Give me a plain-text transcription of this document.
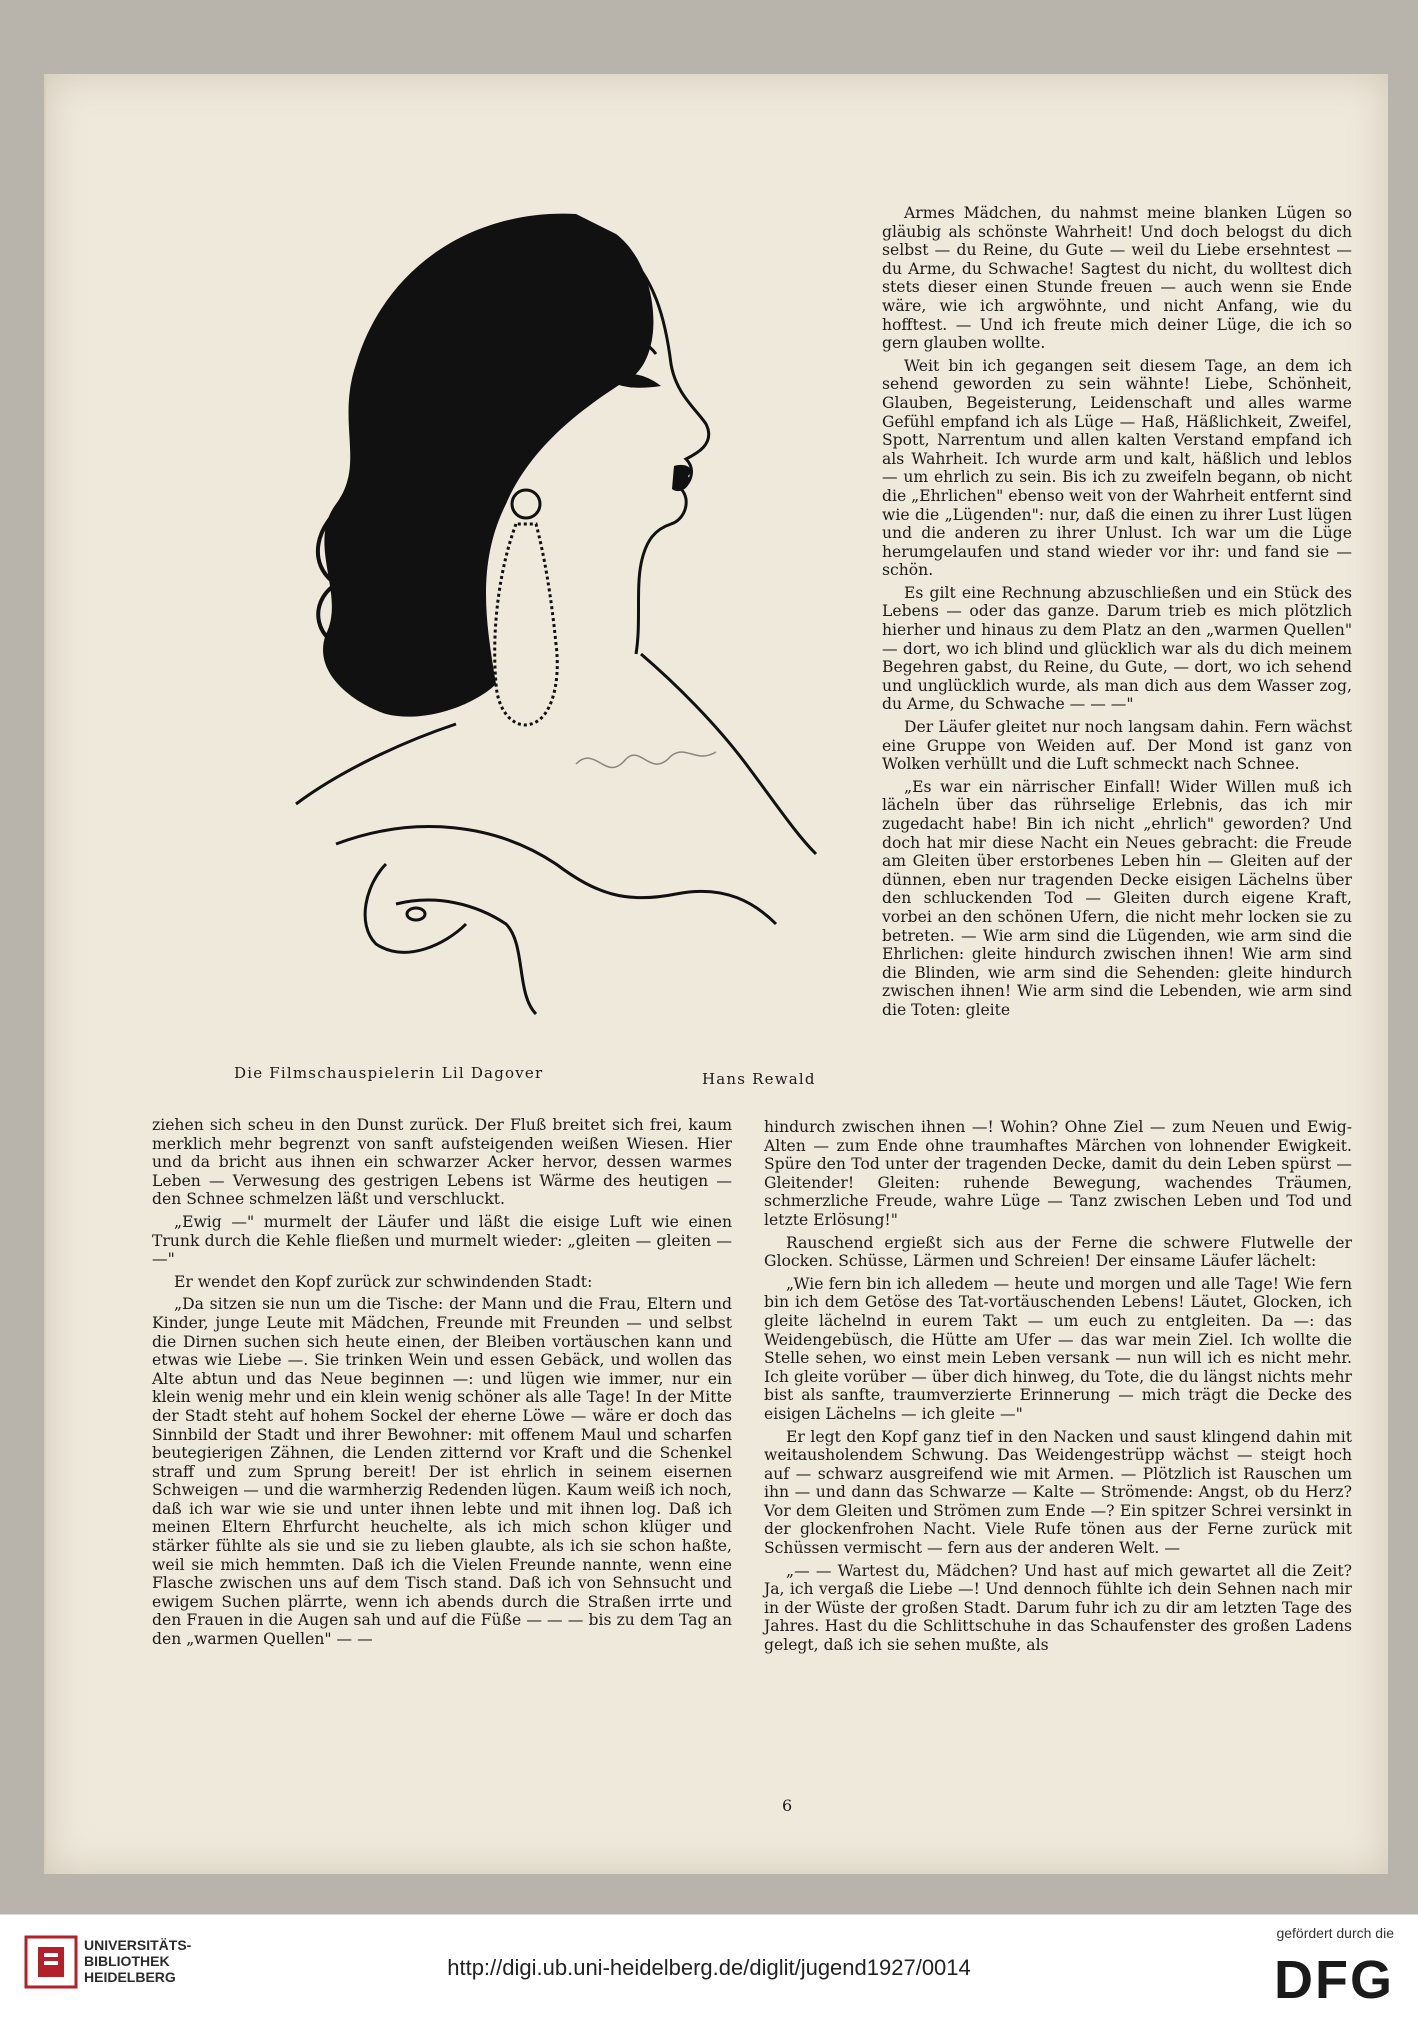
Die Filmschauspielerin Lil Dagover	Hans Rewald

Armes Mädchen, du nahmst meine blanken Lügen so gläubig als schönste Wahrheit! Und doch belogst du dich selbst — du Reine, du Gute — weil du Liebe ersehntest — du Arme, du Schwache! Sagtest du nicht, du wolltest dich stets dieser einen Stunde freuen — auch wenn sie Ende wäre, wie ich argwöhnte, und nicht Anfang, wie du hofftest. — Und ich freute mich deiner Lüge, die ich so gern glauben wollte.

Weit bin ich gegangen seit diesem Tage, an dem ich sehend geworden zu sein wähnte! Liebe, Schönheit, Glauben, Begeisterung, Leidenschaft und alles warme Gefühl empfand ich als Lüge — Haß, Häßlichkeit, Zweifel, Spott, Narrentum und allen kalten Verstand empfand ich als Wahrheit. Ich wurde arm und kalt, häßlich und leblos — um ehrlich zu sein. Bis ich zu zweifeln begann, ob nicht die „Ehrlichen" ebenso weit von der Wahrheit entfernt sind wie die „Lügenden": nur, daß die einen zu ihrer Lust lügen und die anderen zu ihrer Unlust. Ich war um die Lüge herumgelaufen und stand wieder vor ihr: und fand sie — schön.

Es gilt eine Rechnung abzuschließen und ein Stück des Lebens — oder das ganze. Darum trieb es mich plötzlich hierher und hinaus zu dem Platz an den „warmen Quellen" — dort, wo ich blind und glücklich war als du dich meinem Begehren gabst, du Reine, du Gute, — dort, wo ich sehend und unglücklich wurde, als man dich aus dem Wasser zog, du Arme, du Schwache — — —"

Der Läufer gleitet nur noch langsam dahin. Fern wächst eine Gruppe von Weiden auf. Der Mond ist ganz von Wolken verhüllt und die Luft schmeckt nach Schnee.

„Es war ein närrischer Einfall! Wider Willen muß ich lächeln über das rührselige Erlebnis, das ich mir zugedacht habe! Bin ich nicht „ehrlich" geworden? Und doch hat mir diese Nacht ein Neues gebracht: die Freude am Gleiten über erstorbenes Leben hin — Gleiten auf der dünnen, eben nur tragenden Decke eisigen Lächelns über den schluckenden Tod — Gleiten durch eigene Kraft, vorbei an den schönen Ufern, die nicht mehr locken sie zu betreten. — Wie arm sind die Lügenden, wie arm sind die Ehrlichen: gleite hindurch zwischen ihnen! Wie arm sind die Blinden, wie arm sind die Sehenden: gleite hindurch zwischen ihnen! Wie arm sind die Lebenden, wie arm sind die Toten: gleite

ziehen sich scheu in den Dunst zurück. Der Fluß breitet sich frei, kaum merklich mehr begrenzt von sanft aufsteigenden weißen Wiesen. Hier und da bricht aus ihnen ein schwarzer Acker hervor, dessen warmes Leben — Verwesung des gestrigen Lebens ist Wärme des heutigen — den Schnee schmelzen läßt und verschluckt.

„Ewig —" murmelt der Läufer und läßt die eisige Luft wie einen Trunk durch die Kehle fließen und murmelt wieder: „gleiten — gleiten — —"

Er wendet den Kopf zurück zur schwindenden Stadt:

„Da sitzen sie nun um die Tische: der Mann und die Frau, Eltern und Kinder, junge Leute mit Mädchen, Freunde mit Freunden — und selbst die Dirnen suchen sich heute einen, der Bleiben vortäuschen kann und etwas wie Liebe —. Sie trinken Wein und essen Gebäck, und wollen das Alte abtun und das Neue beginnen —: und lügen wie immer, nur ein klein wenig mehr und ein klein wenig schöner als alle Tage! In der Mitte der Stadt steht auf hohem Sockel der eherne Löwe — wäre er doch das Sinnbild der Stadt und ihrer Bewohner: mit offenem Maul und scharfen beutegierigen Zähnen, die Lenden zitternd vor Kraft und die Schenkel straff und zum Sprung bereit! Der ist ehrlich in seinem eisernen Schweigen — und die warmherzig Redenden lügen. Kaum weiß ich noch, daß ich war wie sie und unter ihnen lebte und mit ihnen log. Daß ich meinen Eltern Ehrfurcht heuchelte, als ich mich schon klüger und stärker fühlte als sie und sie zu lieben glaubte, als ich sie schon haßte, weil sie mich hemmten. Daß ich die Vielen Freunde nannte, wenn eine Flasche zwischen uns auf dem Tisch stand. Daß ich von Sehnsucht und ewigem Suchen plärrte, wenn ich abends durch die Straßen irrte und den Frauen in die Augen sah und auf die Füße — — — bis zu dem Tag an den „warmen Quellen" — —

hindurch zwischen ihnen —! Wohin? Ohne Ziel — zum Neuen und Ewig-Alten — zum Ende ohne traumhaftes Märchen von lohnender Ewigkeit. Spüre den Tod unter der tragenden Decke, damit du dein Leben spürst — Gleitender! Gleiten: ruhende Bewegung, wachendes Träumen, schmerzliche Freude, wahre Lüge — Tanz zwischen Leben und Tod und letzte Erlösung!"

Rauschend ergießt sich aus der Ferne die schwere Flutwelle der Glocken. Schüsse, Lärmen und Schreien! Der einsame Läufer lächelt:

„Wie fern bin ich alledem — heute und morgen und alle Tage! Wie fern bin ich dem Getöse des Tat-vortäuschenden Lebens! Läutet, Glocken, ich gleite lächelnd in eurem Takt — um euch zu entgleiten. Da —: das Weidengebüsch, die Hütte am Ufer — das war mein Ziel. Ich wollte die Stelle sehen, wo einst mein Leben versank — nun will ich es nicht mehr. Ich gleite vorüber — über dich hinweg, du Tote, die du längst nichts mehr bist als sanfte, traumverzierte Erinnerung — mich trägt die Decke des eisigen Lächelns — ich gleite —"

Er legt den Kopf ganz tief in den Nacken und saust klingend dahin mit weitausholendem Schwung. Das Weidengestrüpp wächst — steigt hoch auf — schwarz ausgreifend wie mit Armen. — Plötzlich ist Rauschen um ihn — und dann das Schwarze — Kalte — Strömende: Angst, ob du Herz? Vor dem Gleiten und Strömen zum Ende —? Ein spitzer Schrei versinkt in der glockenfrohen Nacht. Viele Rufe tönen aus der Ferne zurück mit Schüssen vermischt — fern aus der anderen Welt. —

„— — Wartest du, Mädchen? Und hast auf mich gewartet all die Zeit? Ja, ich vergaß die Liebe —! Und dennoch fühlte ich dein Sehnen nach mir in der Wüste der großen Stadt. Darum fuhr ich zu dir am letzten Tage des Jahres. Hast du die Schlittschuhe in das Schaufenster des großen Ladens gelegt, daß ich sie sehen mußte, als

6
UNIVERSITÄTS-
BIBLIOTHEK
HEIDELBERG	http://digi.ub.uni-heidelberg.de/diglit/jugend1927/0014
gefördert durch die
DFG
